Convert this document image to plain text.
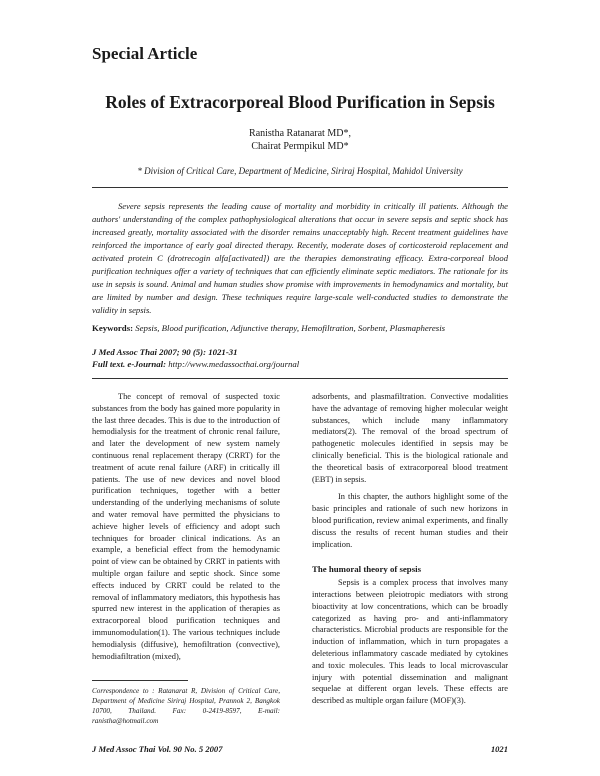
Special Article
Roles of Extracorporeal Blood Purification in Sepsis
Ranistha Ratanarat MD*,
Chairat Permpikul MD*
* Division of Critical Care, Department of Medicine, Siriraj Hospital, Mahidol University

Severe sepsis represents the leading cause of mortality and morbidity in critically ill patients. Although the authors' understanding of the complex pathophysiological alterations that occur in severe sepsis and septic shock has increased greatly, mortality associated with the disorder remains unacceptably high. Recent treatment guidelines have reinforced the importance of early goal directed therapy. Recently, moderate doses of corticosteroid replacement and activated protein C (drotrecogin alfa[activated]) are the therapies demonstrating efficacy. Extra-corporeal blood purification techniques offer a variety of techniques that can efficiently eliminate septic mediators. The rationale for its use in sepsis is sound. Animal and human studies show promise with improvements in hemodynamics and mortality, but are limited by number and design. These techniques require large-scale well-conducted studies to demonstrate the validity in sepsis.

Keywords: Sepsis, Blood purification, Adjunctive therapy, Hemofiltration, Sorbent, Plasmapheresis

J Med Assoc Thai 2007; 90 (5): 1021-31
Full text. e-Journal: http://www.medassocthai.org/journal

The concept of removal of suspected toxic substances from the body has gained more popularity in the last three decades. This is due to the introduction of hemodialysis for the treatment of chronic renal failure, and later the development of new system namely continuous renal replacement therapy (CRRT) for the treatment of acute renal failure (ARF) in critically ill patients. The use of new devices and novel blood purification techniques, together with a better understanding of the underlying mechanisms of solute and water removal have permitted the physicians to achieve higher levels of efficiency and adopt such techniques for broader clinical indications. As an example, a beneficial effect from the hemodynamic point of view can be obtained by CRRT in patients with multiple organ failure and septic shock. Since some effects induced by CRRT could be related to the removal of inflammatory mediators, this hypothesis has spurred new interest in the application of therapies as extracorporeal blood purification techniques and immunomodulation(1). The various techniques include hemodialysis (diffusive), hemofiltration (convective), hemodiafiltration (mixed),

Correspondence to : Ratanarat R, Division of Critical Care, Department of Medicine Siriraj Hospital, Prannok 2, Bangkok 10700, Thailand. Fax: 0-2419-8597, E-mail: ranistha@hotmail.com

adsorbents, and plasmafiltration. Convective modalities have the advantage of removing higher molecular weight substances, which include many inflammatory mediators(2). The removal of the broad spectrum of pathogenetic molecules identified in sepsis may be clinically beneficial. This is the biological rationale and the theoretical basis of extracorporeal blood treatment (EBT) in sepsis.

In this chapter, the authors highlight some of the basic principles and rationale of such new horizons in blood purification, review animal experiments, and finally discuss the results of recent human studies and their implication.

The humoral theory of sepsis

Sepsis is a complex process that involves many interactions between pleiotropic mediators with strong bioactivity at low concentrations, which can be broadly categorized as having pro- and anti-inflammatory characteristics. Microbial products are responsible for the induction of inflammation, which in turn propagates a deleterious inflammatory cascade mediated by cytokines and toxic molecules. This leads to local microvascular injury with potential dissemination and malignant sequelae at different organ levels. These effects are described as multiple organ failure (MOF)(3).

J Med Assoc Thai Vol. 90 No. 5 2007	1021
